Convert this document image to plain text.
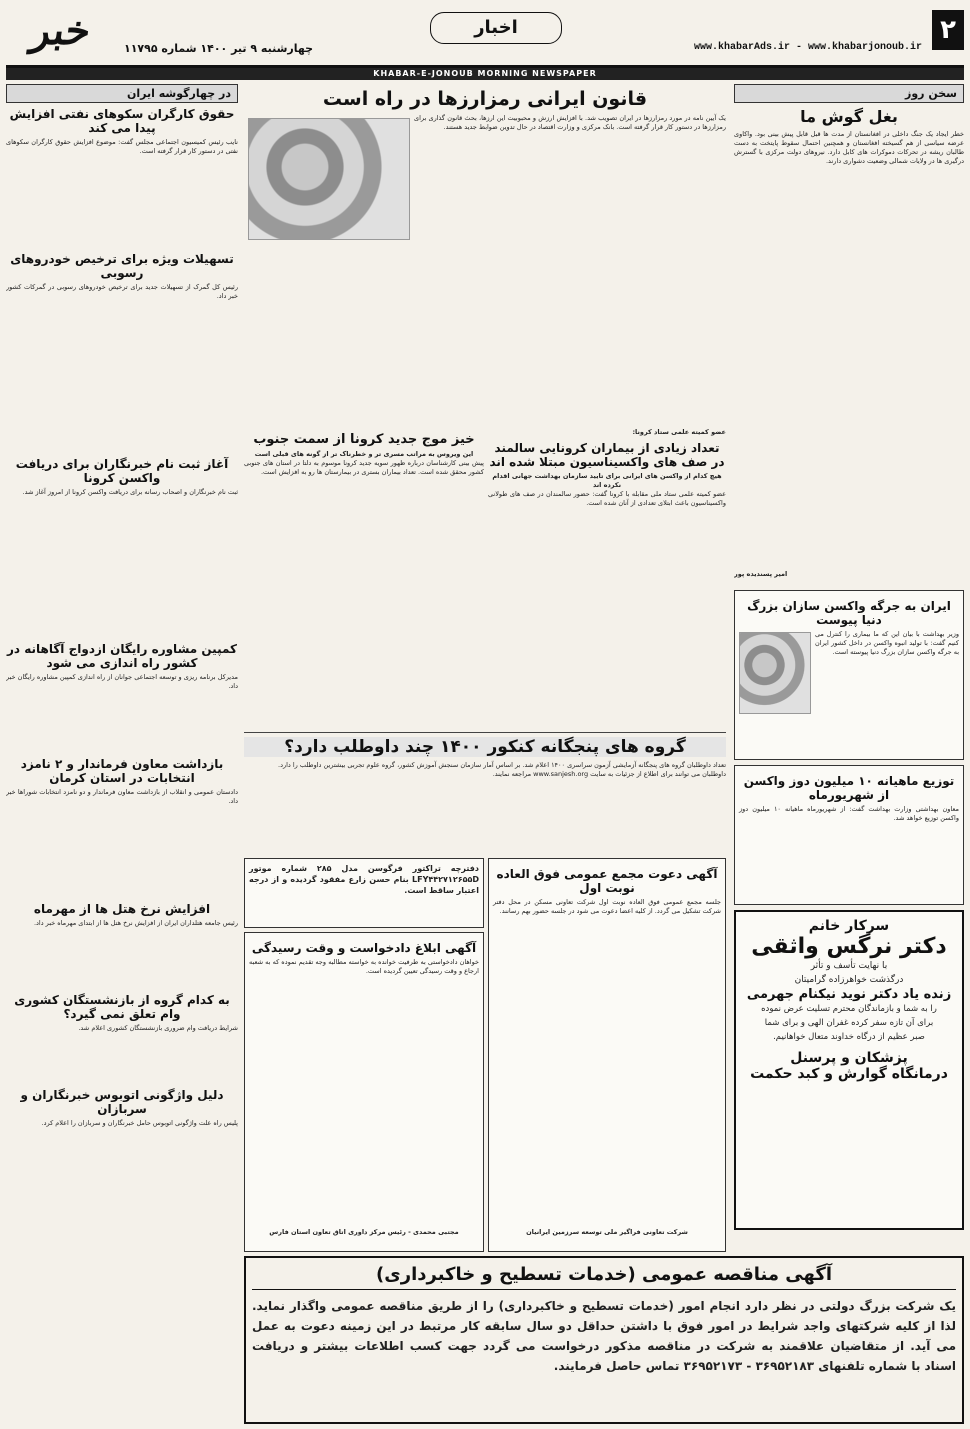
۲
www.khabarAds.ir - www.khabarjonoub.ir
اخبار
چهارشنبه ۹ تیر ۱۴۰۰ شماره ۱۱۷۹۵
خبر
KHABAR-E-JONOUB MORNING NEWSPAPER
سخن روز
بغل گوش ما
خطر ایجاد یک جنگ داخلی در افغانستان از مدت ها قبل قابل پیش بینی بود. واکاوی عرضه سیاسی از هم گسیخته افغانستان و همچنین احتمال سقوط پایتخت به دست طالبان ریشه در تحرکات دموکرات های کابل دارد. نیروهای دولت مرکزی با گسترش درگیری ها در ولایات شمالی وضعیت دشواری دارند.
امیر پسندیده پور
ایران به جرگه واکسن سازان بزرگ دنیا پیوست
وزیر بهداشت با بیان این که ما بیماری را کنترل می کنیم گفت: با تولید انبوه واکسن در داخل کشور ایران به جرگه واکسن سازان بزرگ دنیا پیوسته است.
توزیع ماهیانه ۱۰ میلیون دوز واکسن از شهریورماه
معاون بهداشتی وزارت بهداشت گفت: از شهریورماه ماهیانه ۱۰ میلیون دوز واکسن توزیع خواهد شد.
سرکار خانم
دکتر نرگس واثقی
با نهایت تأسف و تأثر
درگذشت خواهرزاده گرامیتان
زنده یاد دکتر نوید نیکنام جهرمی
را به شما و بازماندگان محترم تسلیت عرض نموده
برای آن تازه سفر کرده غفران الهی و برای شما
صبر عظیم از درگاه خداوند متعال خواهانیم.
پزشکان و پرسنل
درمانگاه گوارش و کبد حکمت
قانون ایرانی رمزارزها در راه است
یک آیین نامه در مورد رمزارزها در ایران تصویب شد. با افزایش ارزش و محبوبیت این ارزها، بحث قانون گذاری برای رمزارزها در دستور کار قرار گرفته است. بانک مرکزی و وزارت اقتصاد در حال تدوین ضوابط جدید هستند.
خیز موج جدید کرونا از سمت جنوب
این ویروس به مراتب مسری تر و خطرناک تر از گونه های قبلی است
پیش بینی کارشناسان درباره ظهور سویه جدید کرونا موسوم به دلتا در استان های جنوبی کشور محقق شده است. تعداد بیماران بستری در بیمارستان ها رو به افزایش است.
عضو کمیته علمی ستاد کرونا:
تعداد زیادی از بیماران کرونایی سالمند در صف های واکسیناسیون مبتلا شده اند
هیچ کدام از واکسن های ایرانی برای تایید سازمان بهداشت جهانی اقدام نکرده اند
عضو کمیته علمی ستاد ملی مقابله با کرونا گفت: حضور سالمندان در صف های طولانی واکسیناسیون باعث ابتلای تعدادی از آنان شده است.
گروه های پنجگانه کنکور ۱۴۰۰ چند داوطلب دارد؟
تعداد داوطلبان گروه های پنجگانه آزمایشی آزمون سراسری ۱۴۰۰ اعلام شد. بر اساس آمار سازمان سنجش آموزش کشور، گروه علوم تجربی بیشترین داوطلب را دارد.
داوطلبان می توانند برای اطلاع از جزئیات به سایت www.sanjesh.org مراجعه نمایند.
دفترچه تراکتور فرگوسن مدل ۲۸۵ شماره موتور LFY۴۴۲۷۱۲۶۵۵D بنام حسن زارع مفقود گردیده و از درجه اعتبار ساقط است.
آگهی ابلاغ دادخواست و وقت رسیدگی
خواهان دادخواستی به طرفیت خوانده به خواسته مطالبه وجه تقدیم نموده که به شعبه ارجاع و وقت رسیدگی تعیین گردیده است.
مجتبی محمدی - رئیس مرکز داوری اتاق تعاون استان فارس
آگهی دعوت مجمع عمومی فوق العاده نوبت اول
جلسه مجمع عمومی فوق العاده نوبت اول شرکت تعاونی مسکن در محل دفتر شرکت تشکیل می گردد. از کلیه اعضا دعوت می شود در جلسه حضور بهم رسانند.
شرکت تعاونی فراگیر ملی توسعه سرزمین ایرانیان
آگهی مناقصه عمومی (خدمات تسطیح و خاکبرداری)
یک شرکت بزرگ دولتی در نظر دارد انجام امور (خدمات تسطیح و خاکبرداری) را از طریق مناقصه عمومی واگذار نماید. لذا از کلیه شرکتهای واجد شرایط در امور فوق با داشتن حداقل دو سال سابقه کار مرتبط در این زمینه دعوت به عمل می آید. از متقاضیان علاقمند به شرکت در مناقصه مذکور درخواست می گردد جهت کسب اطلاعات بیشتر و دریافت اسناد با شماره تلفنهای ۳۶۹۵۲۱۸۳ - ۳۶۹۵۲۱۷۳ تماس حاصل فرمایند.
در چهارگوشه ایران
حقوق کارگران سکوهای نفتی افزایش پیدا می کند
نایب رئیس کمیسیون اجتماعی مجلس گفت: موضوع افزایش حقوق کارگران سکوهای نفتی در دستور کار قرار گرفته است.
تسهیلات ویژه برای ترخیص خودروهای رسوبی
رئیس کل گمرک از تسهیلات جدید برای ترخیص خودروهای رسوبی در گمرکات کشور خبر داد.
آغاز ثبت نام خبرنگاران برای دریافت واکسن کرونا
ثبت نام خبرنگاران و اصحاب رسانه برای دریافت واکسن کرونا از امروز آغاز شد.
کمپین مشاوره رایگان ازدواج آگاهانه در کشور راه اندازی می شود
مدیرکل برنامه ریزی و توسعه اجتماعی جوانان از راه اندازی کمپین مشاوره رایگان خبر داد.
بازداشت معاون فرماندار و ۲ نامزد انتخابات در استان کرمان
دادستان عمومی و انقلاب از بازداشت معاون فرماندار و دو نامزد انتخابات شوراها خبر داد.
افزایش نرخ هتل ها از مهرماه
رئیس جامعه هتلداران ایران از افزایش نرخ هتل ها از ابتدای مهرماه خبر داد.
به کدام گروه از بازنشستگان کشوری وام تعلق نمی گیرد؟
شرایط دریافت وام ضروری بازنشستگان کشوری اعلام شد.
دلیل واژگونی اتوبوس خبرنگاران و سربازان
پلیس راه علت واژگونی اتوبوس حامل خبرنگاران و سربازان را اعلام کرد.
